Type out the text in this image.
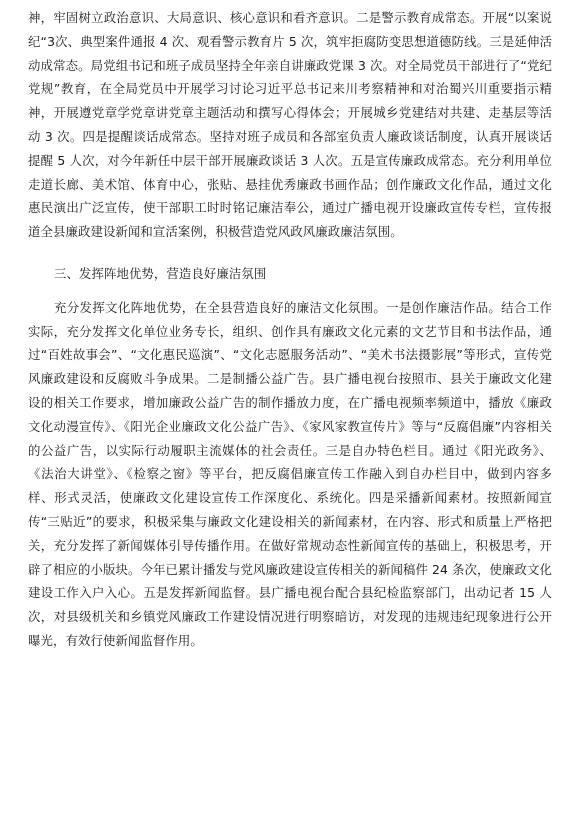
神，牢固树立政治意识、大局意识、核心意识和看齐意识。二是警示教育成常态。开展“以案说纪“3次、典型案件通报 4 次、观看警示教育片 5 次，筑牢拒腐防变思想道德防线。三是延伸活动成常态。局党组书记和班子成员坚持全年亲自讲廉政党课 3 次。对全局党员干部进行了“党纪党规”教育，在全局党员中开展学习讨论习近平总书记来川考察精神和对治蜀兴川重要指示精神，开展遵党章学党章讲党章主题活动和撰写心得体会；开展城乡党建结对共建、走基层等活动 3 次。四是提醒谈话成常态。坚持对班子成员和各部室负责人廉政谈话制度，认真开展谈话提醒 5 人次，对今年新任中层干部开展廉政谈话 3 人次。五是宣传廉政成常态。充分利用单位走道长廊、美术馆、体育中心，张贴、悬挂优秀廉政书画作品；创作廉政文化作品，通过文化惠民演出广泛宣传，使干部职工时时铭记廉洁奉公，通过广播电视开设廉政宣传专栏，宣传报道全县廉政建设新闻和宣活案例，积极营造党风政风廉政廉洁氛围。

三、发挥阵地优势，营造良好廉洁氛围

充分发挥文化阵地优势，在全县营造良好的廉洁文化氛围。一是创作廉洁作品。结合工作实际，充分发挥文化单位业务专长，组织、创作具有廉政文化元素的文艺节目和书法作品，通过“百姓故事会”、“文化惠民巡演”、“文化志愿服务活动”、“美术书法摄影展”等形式，宣传党风廉政建设和反腐败斗争成果。二是制播公益广告。县广播电视台按照市、县关于廉政文化建设的相关工作要求，增加廉政公益广告的制作播放力度，在广播电视频率频道中，播放《廉政文化动漫宣传》、《阳光企业廉政文化公益广告》、《家风家教宣传片》等与“反腐倡廉”内容相关的公益广告，以实际行动履职主流媒体的社会责任。三是自办特色栏目。通过《阳光政务》、《法治大讲堂》、《检察之窗》等平台，把反腐倡廉宣传工作融入到自办栏目中，做到内容多样、形式灵活，使廉政文化建设宣传工作深度化、系统化。四是采播新闻素材。按照新闻宣传“三贴近”的要求，积极采集与廉政文化建设相关的新闻素材，在内容、形式和质量上严格把关，充分发挥了新闻媒体引导传播作用。在做好常规动态性新闻宣传的基础上，积极思考，开辟了相应的小版块。今年已累计播发与党风廉政建设宣传相关的新闻稿件 24 条次，使廉政文化建设工作入户入心。五是发挥新闻监督。县广播电视台配合县纪检监察部门，出动记者 15 人次，对县级机关和乡镇党风廉政工作建设情况进行明察暗访，对发现的违规违纪现象进行公开曝光，有效行使新闻监督作用。
